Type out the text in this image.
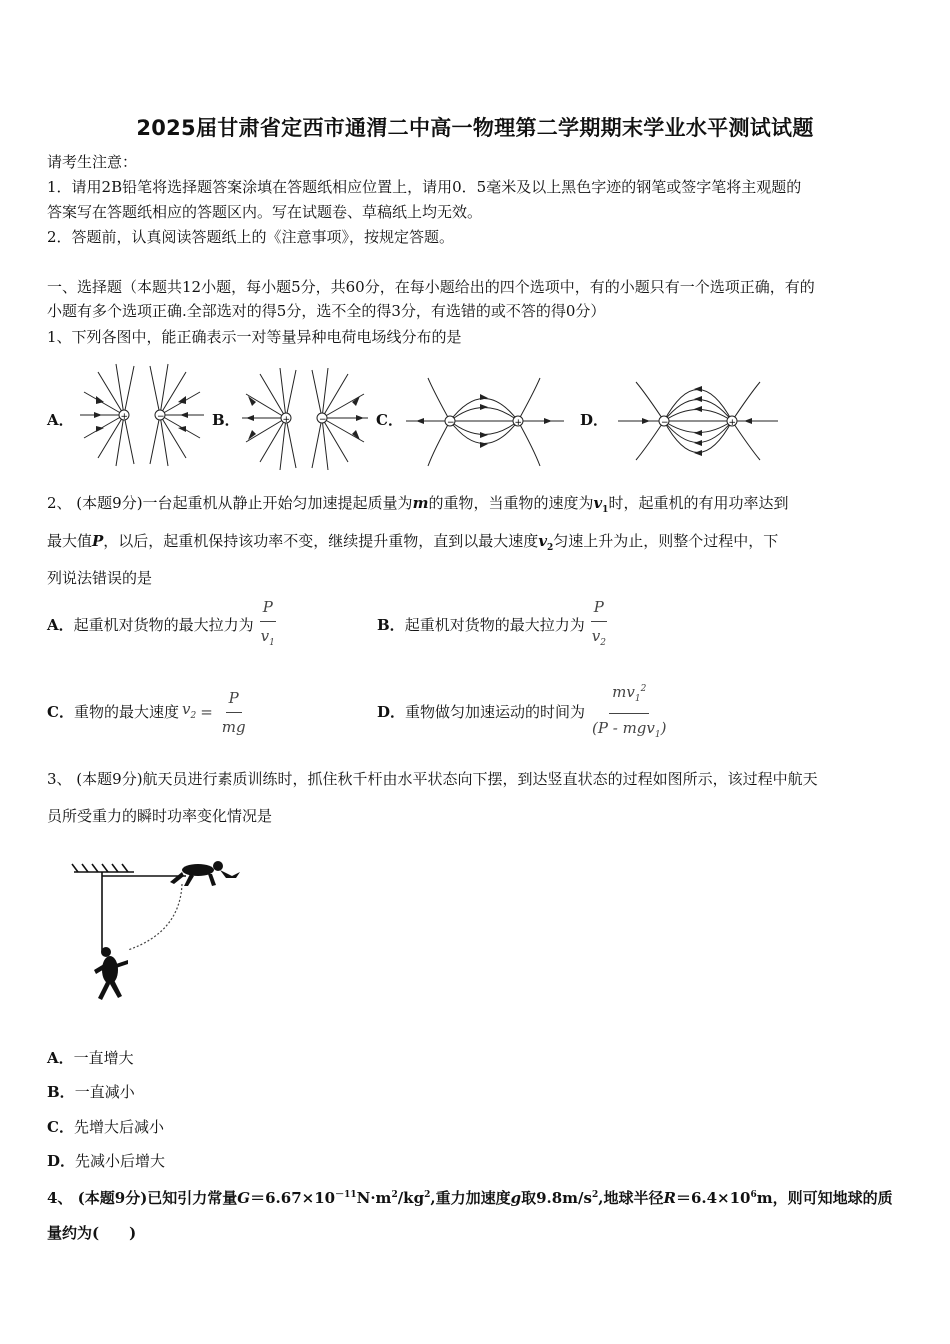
2025届甘肃省定西市通渭二中高一物理第二学期期末学业水平测试试题
请考生注意：
1．请用2B铅笔将选择题答案涂填在答题纸相应位置上，请用0．5毫米及以上黑色字迹的钢笔或签字笔将主观题的
答案写在答题纸相应的答题区内。写在试题卷、草稿纸上均无效。
2．答题前，认真阅读答题纸上的《注意事项》，按规定答题。
一、选择题（本题共12小题，每小题5分，共60分，在每小题给出的四个选项中，有的小题只有一个选项正确，有的
小题有多个选项正确.全部选对的得5分，选不全的得3分，有选错的或不答的得0分）
1、下列各图中，能正确表示一对等量异种电荷电场线分布的是
A．	B．	C．	D．
+	−	+	−	−	+	−	+
2、 (本题9分)一台起重机从静止开始匀加速提起质量为m的重物，当重物的速度为$v_1$时，起重机的有用功率达到
最大值P，以后，起重机保持该功率不变，继续提升重物，直到以最大速度$v_2$匀速上升为止，则整个过程中，下
列说法错误的是
A． 起重机对货物的最大拉力为 $\frac{P}{v_1}$	B． 起重机对货物的最大拉力为 $\frac{P}{v_2}$
C． 重物的最大速度 $v_2 = \frac{P}{mg}$	D． 重物做匀加速运动的时间为 $\frac{mv_1^2}{(P - mgv_1)}$
3、 (本题9分)航天员进行素质训练时，抓住秋千杆由水平状态向下摆，到达竖直状态的过程如图所示，该过程中航天
员所受重力的瞬时功率变化情况是
A．一直增大
B．一直减小
C．先增大后减小
D．先减小后增大
4、 (本题9分)已知引力常量$G=6.67\times 10^{-11}N\cdot m^2/kg^2$,重力加速度g取$9.8m/s^2$,地球半径$R=6.4\times 10^6m$，则可知地球的质
量约为(　　)
